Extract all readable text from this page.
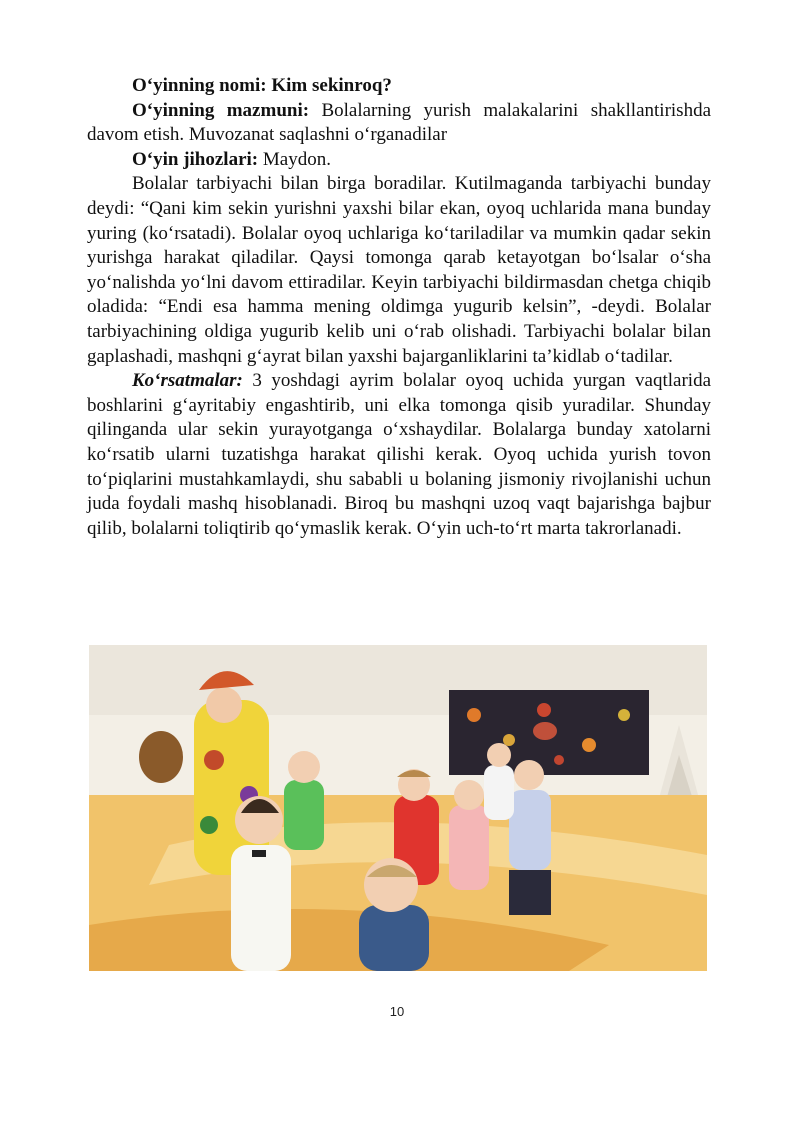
O‘yinning nomi: Kim sekinroq?

O‘yinning mazmuni: Bolalarning yurish malakalarini shakllantirishda davom etish. Muvozanat saqlashni o‘rganadilar

O‘yin jihozlari: Maydon.

Bolalar tarbiyachi bilan birga boradilar. Kutilmaganda tarbiyachi bunday deydi: “Qani kim sekin yurishni yaxshi bilar ekan, oyoq uchlarida mana bunday yuring (ko‘rsatadi). Bolalar oyoq uchlariga ko‘tariladilar va mumkin qadar sekin yurishga harakat qiladilar. Qaysi tomonga qarab ketayotgan bo‘lsalar o‘sha yo‘nalishda yo‘lni davom ettiradilar. Keyin tarbiyachi bildirmasdan chetga chiqib oladida: “Endi esa hamma mening oldimga yugurib kelsin”, -deydi. Bolalar tarbiyachining oldiga yugurib kelib uni o‘rab olishadi. Tarbiyachi bolalar bilan gaplashadi, mashqni g‘ayrat bilan yaxshi bajarganliklarini ta’kidlab o‘tadilar.

Ko‘rsatmalar: 3 yoshdagi ayrim bolalar oyoq uchida yurgan vaqtlarida boshlarini g‘ayritabiy engashtirib, uni elka tomonga qisib yuradilar. Shunday qilinganda ular sekin yurayotganga o‘xshaydilar. Bolalarga bunday xatolarni ko‘rsatib ularni tuzatishga harakat qilishi kerak. Oyoq uchida yurish tovon to‘piqlarini mustahkamlaydi, shu sababli u bolaning jismoniy rivojlanishi uchun juda foydali mashq hisoblanadi. Biroq bu mashqni uzoq vaqt bajarishga bajbur qilib, bolalarni toliqtirib qo‘ymaslik kerak. O‘yin uch-to‘rt marta takrorlanadi.

10
